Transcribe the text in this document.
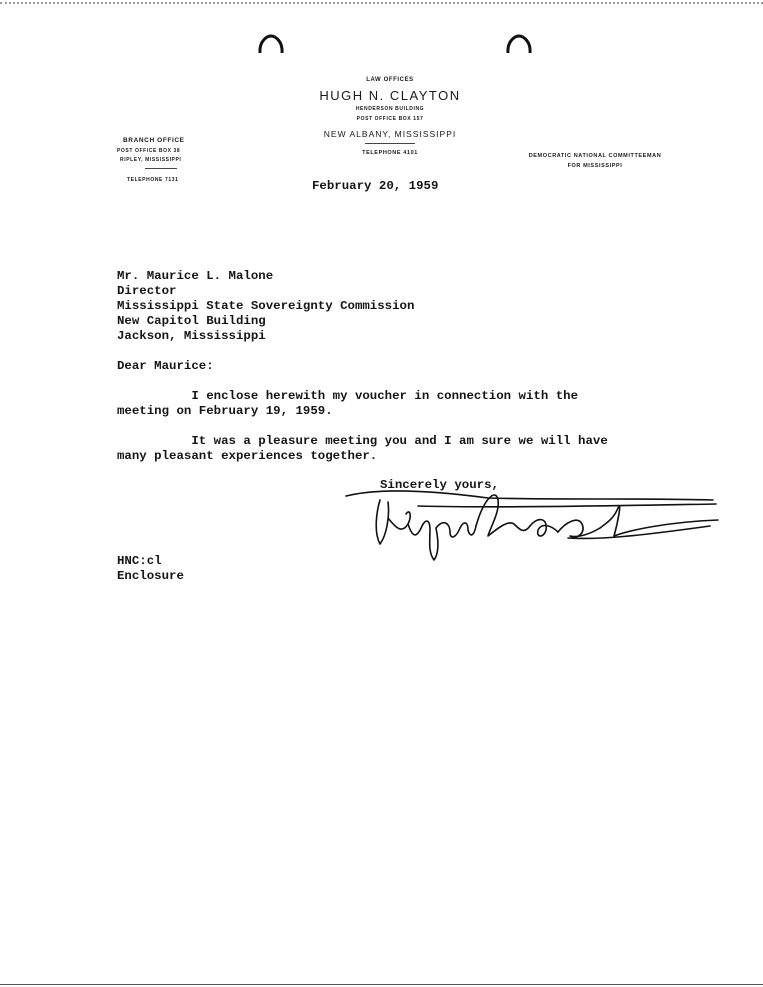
LAW OFFICES
HUGH N. CLAYTON
HENDERSON BUILDING
POST OFFICE BOX 157
NEW ALBANY, MISSISSIPPI
TELEPHONE 4101
BRANCH OFFICE
POST OFFICE BOX 38
RIPLEY, MISSISSIPPI
TELEPHONE 7131
DEMOCRATIC NATIONAL COMMITTEEMAN
FOR MISSISSIPPI
February 20, 1959
Mr. Maurice L. Malone
Director
Mississippi State Sovereignty Commission
New Capitol Building
Jackson, Mississippi
Dear Maurice:
I enclose herewith my voucher in connection with the
meeting on February 19, 1959.
It was a pleasure meeting you and I am sure we will have
many pleasant experiences together.
Sincerely yours,
HNC:cl
Enclosure
